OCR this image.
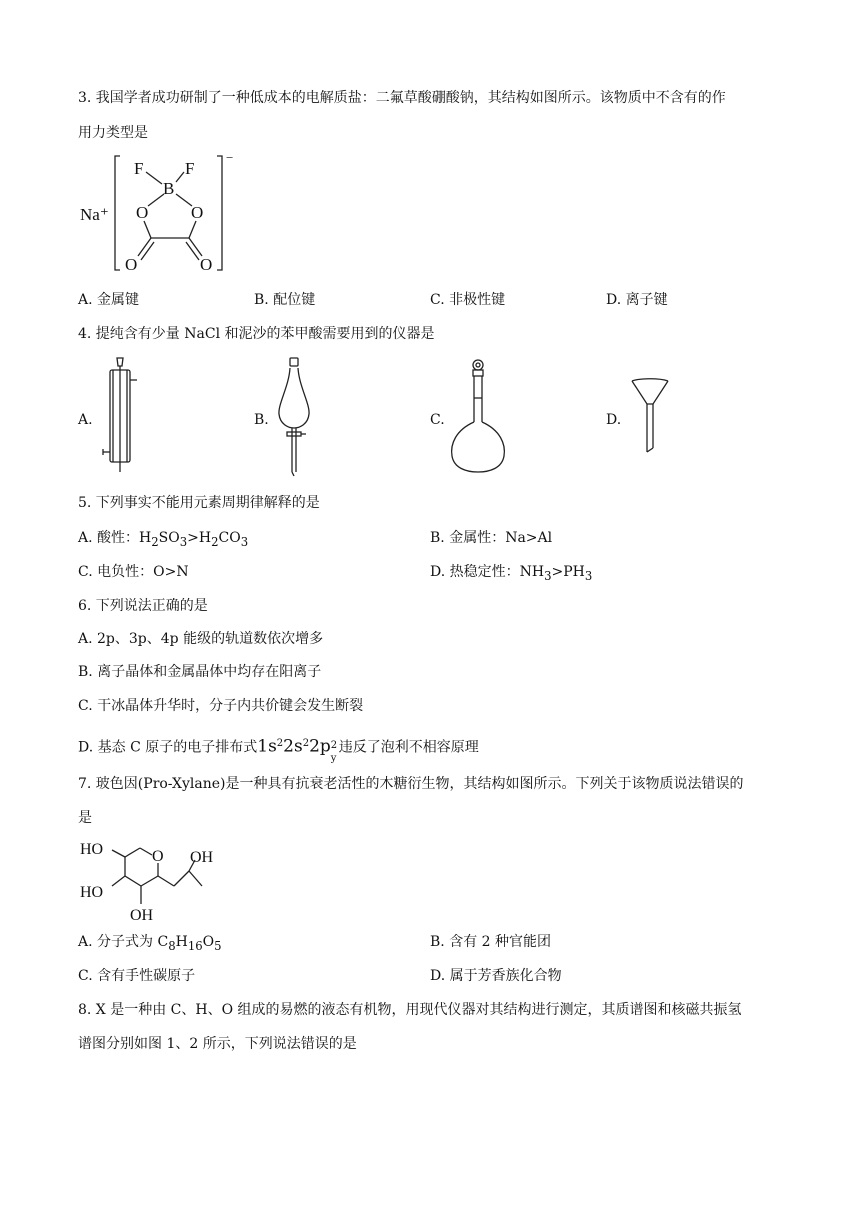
3. 我国学者成功研制了一种低成本的电解质盐：二氟草酸硼酸钠，其结构如图所示。该物质中不含有的作
用力类型是
Na⁺
−
F F
B
O	O
O	O
A. 金属键	B. 配位键	C. 非极性键	D. 离子键
4. 提纯含有少量 NaCl 和泥沙的苯甲酸需要用到的仪器是
A.	B.	C.	D.
5. 下列事实不能用元素周期律解释的是
A. 酸性：$H_2SO_3>H_2CO_3$	B. 金属性：Na>Al
C. 电负性：O>N	D. 热稳定性：$NH_3>PH_3$
6. 下列说法正确的是
A. 2p、3p、4p 能级的轨道数依次增多
B. 离子晶体和金属晶体中均存在阳离子
C. 干冰晶体升华时，分子内共价键会发生断裂
D. 基态 C 原子的电子排布式$1s^22s^22p$ 2
y
违反了泡利不相容原理
7. 玻色因(Pro-Xylane)是一种具有抗衰老活性的木糖衍生物，其结构如图所示。下列关于该物质说法错误的
是
HO
HO
OH
O OH
A. 分子式为 $C_8H_{16}O_5$	B. 含有 2 种官能团
C. 含有手性碳原子	D. 属于芳香族化合物
8. X 是一种由 C、H、O 组成的易燃的液态有机物，用现代仪器对其结构进行测定，其质谱图和核磁共振氢
谱图分别如图 1、2 所示，下列说法错误的是
